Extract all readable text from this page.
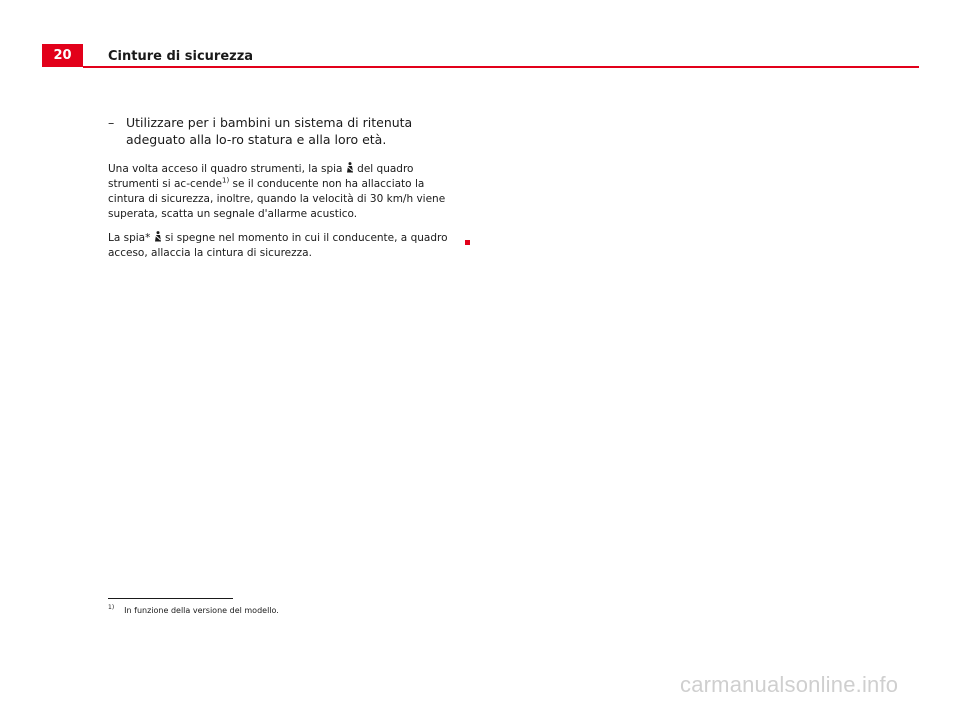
20	Cinture di sicurezza
– Utilizzare per i bambini un sistema di ritenuta adeguato alla lo-ro statura e alla loro età.

Una volta acceso il quadro strumenti, la spia del quadro strumenti si ac-cende$^{1)}$ se il conducente non ha allacciato la cintura di sicurezza, inoltre, quando la velocità di 30 km/h viene superata, scatta un segnale d'allarme acustico.

La spia* si spegne nel momento in cui il conducente, a quadro acceso, allaccia la cintura di sicurezza.

$^{1)}$ In funzione della versione del modello.
carmanualsonline.info
